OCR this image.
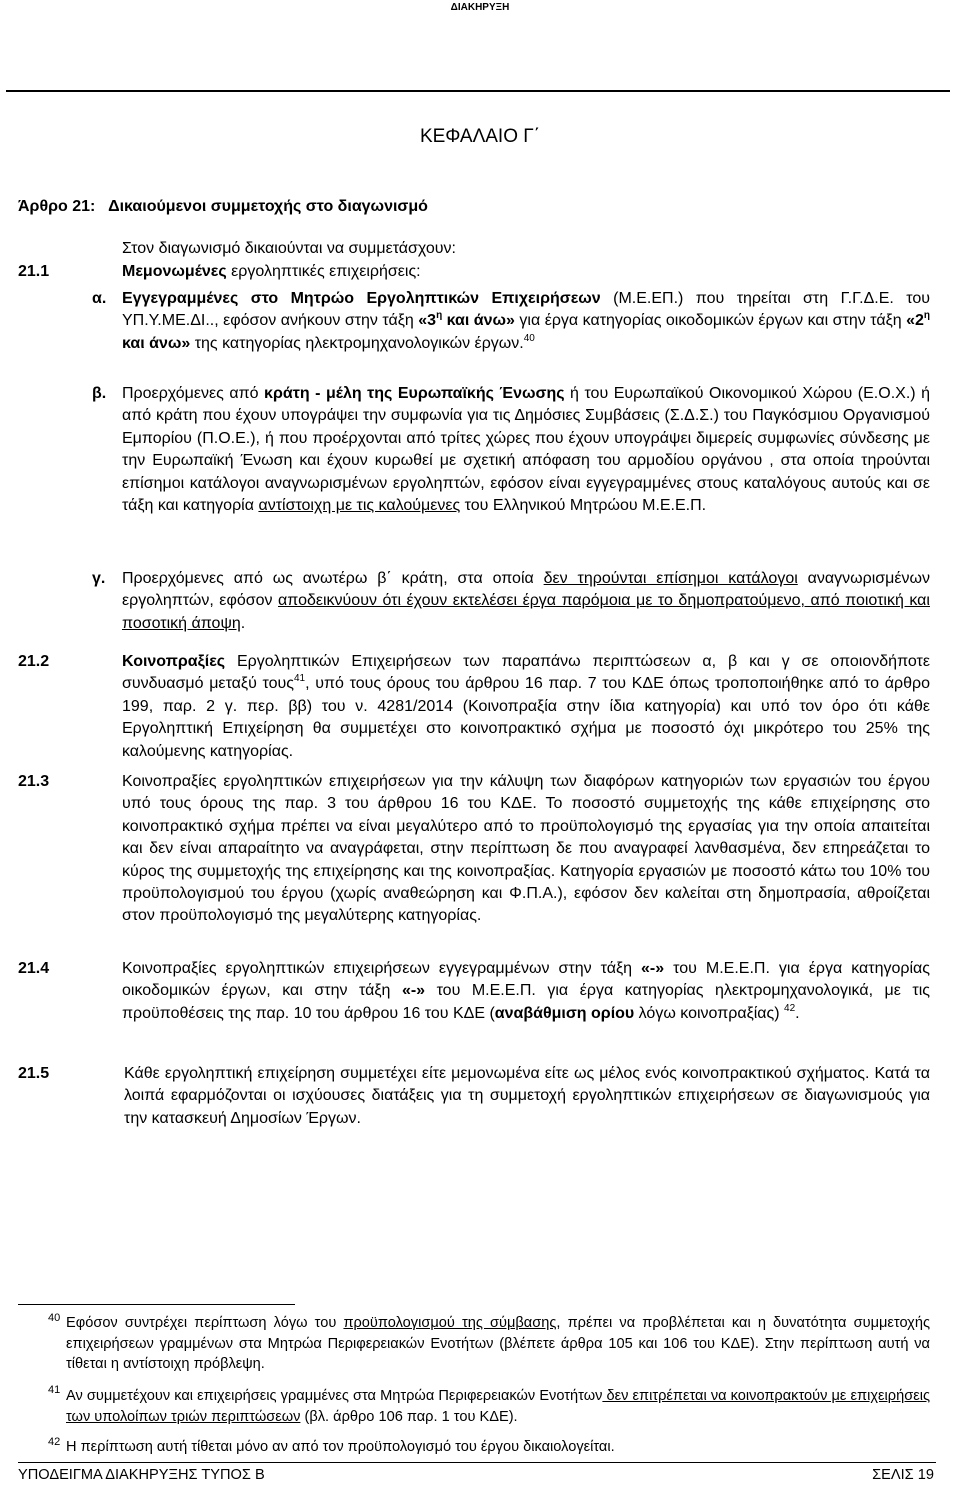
ΔΙΑΚΗΡΥΞΗ
ΚΕΦΑΛΑΙΟ Γ΄
Άρθρο 21:   Δικαιούμενοι συμμετοχής στο διαγωνισμό
Στον διαγωνισμό δικαιούνται να συμμετάσχουν:
21.1	Μεμονωμένες εργοληπτικές επιχειρήσεις:
α. Εγγεγραμμένες στο Μητρώο Εργοληπτικών Επιχειρήσεων (Μ.Ε.ΕΠ.) που τηρείται στη Γ.Γ.Δ.Ε. του ΥΠ.Υ.ΜΕ.ΔΙ.., εφόσον ανήκουν στην τάξη «$3^\eta$ και άνω» για έργα κατηγορίας οικοδομικών έργων και στην τάξη «$2^\eta$ και άνω» της κατηγορίας ηλεκτρομηχανολογικών έργων.$^{40}$
β. Προερχόμενες από κράτη - μέλη της Ευρωπαϊκής Ένωσης ή του Ευρωπαϊκού Οικονομικού Χώρου (Ε.Ο.Χ.) ή από κράτη που έχουν υπογράψει την συμφωνία για τις Δημόσιες Συμβάσεις (Σ.Δ.Σ.) του Παγκόσμιου Οργανισμού Εμπορίου (Π.Ο.Ε.), ή που προέρχονται από τρίτες χώρες που έχουν υπογράψει διμερείς συμφωνίες σύνδεσης με την Ευρωπαϊκή Ένωση και έχουν κυρωθεί με σχετική απόφαση του αρμοδίου οργάνου , στα οποία τηρούνται επίσημοι κατάλογοι αναγνωρισμένων εργοληπτών, εφόσον είναι εγγεγραμμένες στους καταλόγους αυτούς και σε τάξη και κατηγορία αντίστοιχη με τις καλούμενες του Ελληνικού Μητρώου Μ.Ε.Ε.Π.
γ. Προερχόμενες από ως ανωτέρω β΄ κράτη, στα οποία δεν τηρούνται επίσημοι κατάλογοι αναγνωρισμένων εργοληπτών, εφόσον αποδεικνύουν ότι έχουν εκτελέσει έργα παρόμοια με το δημοπρατούμενο, από ποιοτική και ποσοτική άποψη.
21.2	Κοινοπραξίες Εργοληπτικών Επιχειρήσεων των παραπάνω περιπτώσεων α, β και γ σε οποιονδήποτε συνδυασμό μεταξύ τους$^{41}$, υπό τους όρους του άρθρου 16 παρ. 7 του ΚΔΕ όπως τροποποιήθηκε από το άρθρο 199, παρ. 2 γ. περ. ββ) του ν. 4281/2014 (Κοινοπραξία στην ίδια κατηγορία) και υπό τον όρο ότι κάθε Εργοληπτική Επιχείρηση θα συμμετέχει στο κοινοπρακτικό σχήμα με ποσοστό όχι μικρότερο του 25% της καλούμενης κατηγορίας.
21.3	Κοινοπραξίες εργοληπτικών επιχειρήσεων για την κάλυψη των διαφόρων κατηγοριών των εργασιών του έργου υπό τους όρους της παρ. 3 του άρθρου 16 του ΚΔΕ. Το ποσοστό συμμετοχής της κάθε επιχείρησης στο κοινοπρακτικό σχήμα πρέπει να είναι μεγαλύτερο από το προϋπολογισμό της εργασίας για την οποία απαιτείται και δεν είναι απαραίτητο να αναγράφεται, στην περίπτωση δε που αναγραφεί λανθασμένα, δεν επηρεάζεται το κύρος της συμμετοχής της επιχείρησης και της κοινοπραξίας. Κατηγορία εργασιών με ποσοστό κάτω του 10% του προϋπολογισμού του έργου (χωρίς αναθεώρηση και Φ.Π.Α.), εφόσον δεν καλείται στη δημοπρασία, αθροίζεται στον προϋπολογισμό της μεγαλύτερης κατηγορίας.
21.4	Κοινοπραξίες εργοληπτικών επιχειρήσεων εγγεγραμμένων στην τάξη «-» του Μ.Ε.Ε.Π. για έργα κατηγορίας οικοδομικών έργων, και στην τάξη «-» του Μ.Ε.Ε.Π. για έργα κατηγορίας ηλεκτρομηχανολογικά, με τις προϋποθέσεις της παρ. 10 του άρθρου 16 του ΚΔΕ (αναβάθμιση ορίου λόγω κοινοπραξίας) $^{42}$.
21.5	Κάθε εργοληπτική επιχείρηση συμμετέχει είτε μεμονωμένα είτε ως μέλος ενός κοινοπρακτικού σχήματος. Κατά τα λοιπά εφαρμόζονται οι ισχύουσες διατάξεις για τη συμμετοχή εργοληπτικών επιχειρήσεων σε διαγωνισμούς για την κατασκευή Δημοσίων Έργων.
40 Εφόσον συντρέχει περίπτωση λόγω του προϋπολογισμού της σύμβασης, πρέπει να προβλέπεται και η δυνατότητα συμμετοχής επιχειρήσεων γραμμένων στα Μητρώα Περιφερειακών Ενοτήτων (βλέπετε άρθρα 105 και 106 του ΚΔΕ). Στην περίπτωση αυτή να τίθεται η αντίστοιχη πρόβλεψη.
41 Αν συμμετέχουν και επιχειρήσεις γραμμένες στα Μητρώα Περιφερειακών Ενοτήτων δεν επιτρέπεται να κοινοπρακτούν με επιχειρήσεις των υπολοίπων τριών περιπτώσεων (βλ. άρθρο 106 παρ. 1 του ΚΔΕ).
42 Η περίπτωση αυτή τίθεται μόνο αν από τον προϋπολογισμό του έργου δικαιολογείται.
ΥΠΟΔΕΙΓΜΑ ΔΙΑΚΗΡΥΞΗΣ ΤΥΠΟΣ Β	ΣΕΛΙΣ 19
